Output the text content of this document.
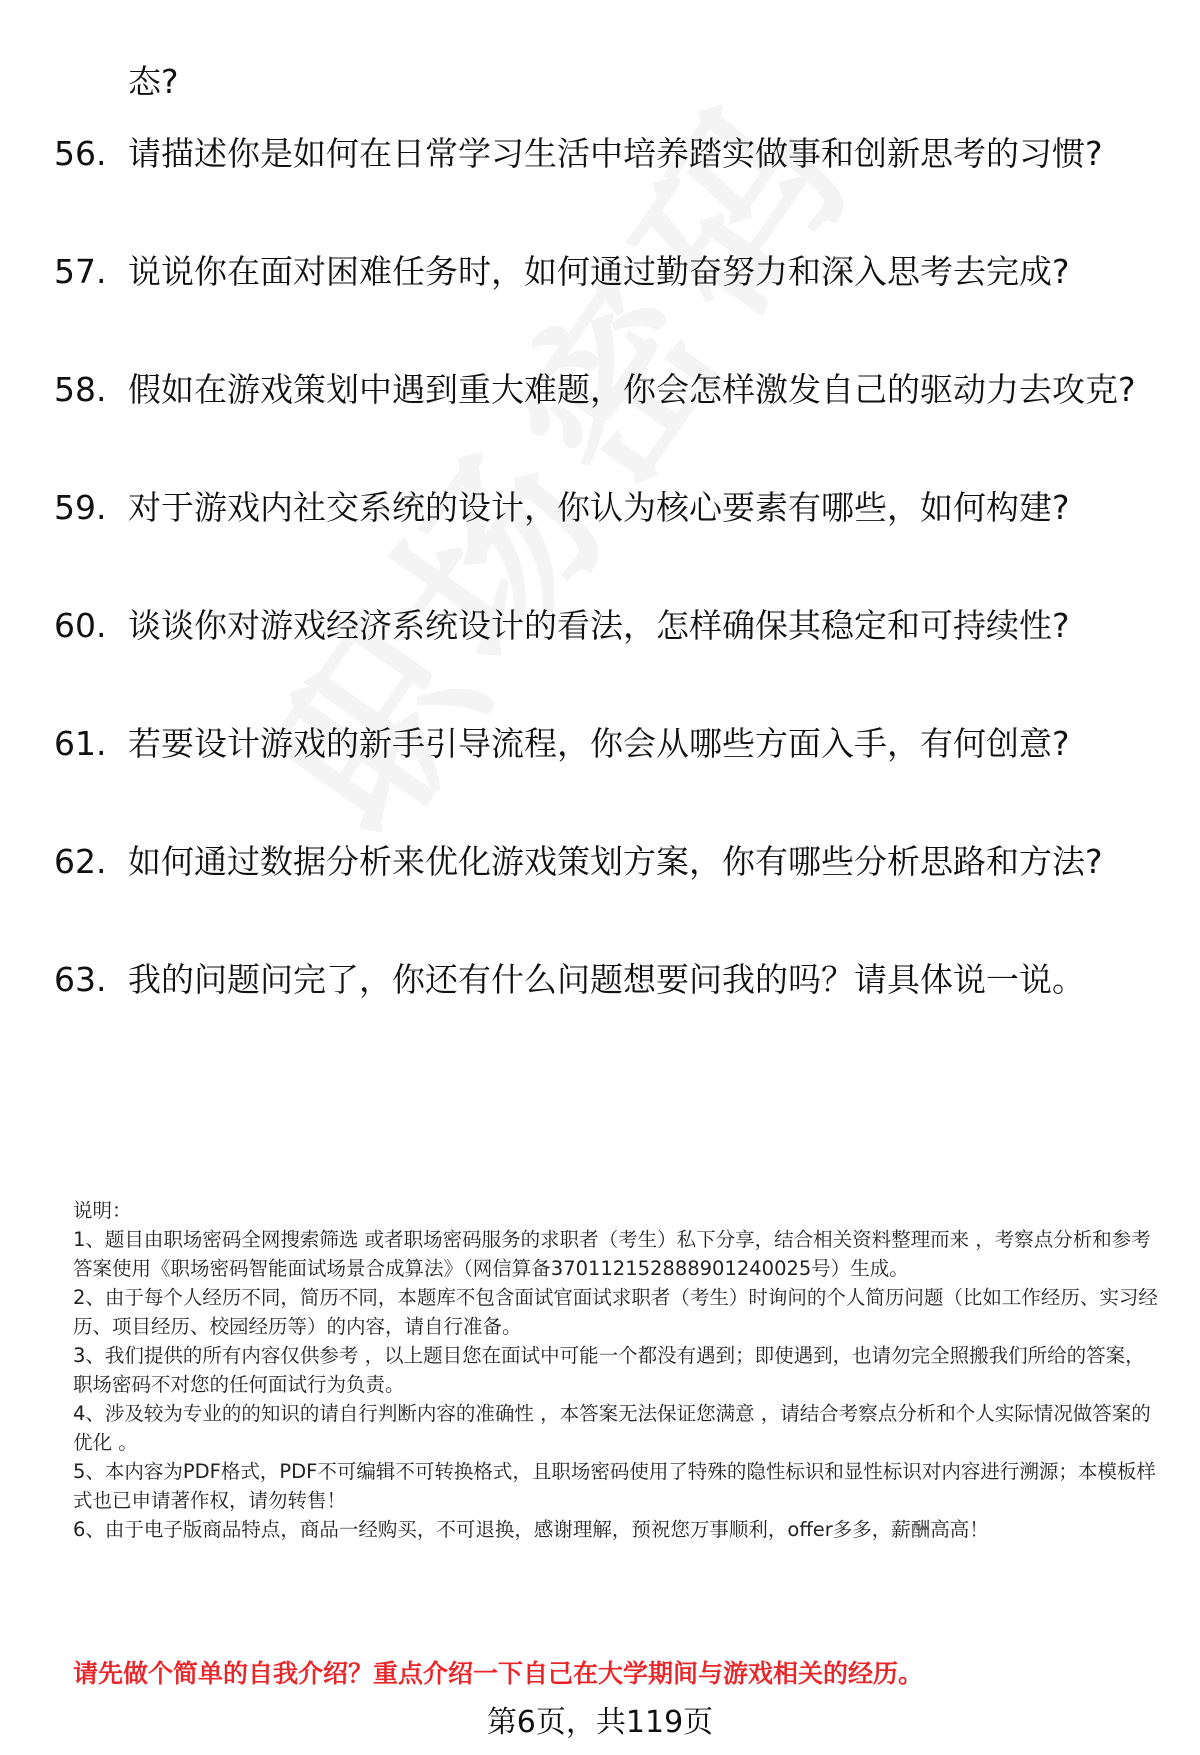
态?
56. 请描述你是如何在日常学习生活中培养踏实做事和创新思考的习惯?
57. 说说你在面对困难任务时，如何通过勤奋努力和深入思考去完成?
58. 假如在游戏策划中遇到重大难题，你会怎样激发自己的驱动力去攻克?
59. 对于游戏内社交系统的设计，你认为核心要素有哪些，如何构建?
60. 谈谈你对游戏经济系统设计的看法，怎样确保其稳定和可持续性?
61. 若要设计游戏的新手引导流程，你会从哪些方面入手，有何创意?
62. 如何通过数据分析来优化游戏策划方案，你有哪些分析思路和方法?
63. 我的问题问完了，你还有什么问题想要问我的吗？请具体说一说。

说明：

1、题目由职场密码全网搜索筛选 或者职场密码服务的求职者（考生）私下分享，结合相关资料整理而来 ，考察点分析和参考答案使用《职场密码智能面试场景合成算法》（网信算备370112152888901240025号）生成。

2、由于每个人经历不同，简历不同，本题库不包含面试官面试求职者（考生）时询问的个人简历问题（比如工作经历、实习经历、项目经历、校园经历等）的内容，请自行准备。

3、我们提供的所有内容仅供参考 ，以上题目您在面试中可能一个都没有遇到；即使遇到，也请勿完全照搬我们所给的答案，职场密码不对您的任何面试行为负责。

4、涉及较为专业的的知识的请自行判断内容的准确性 ，本答案无法保证您满意 ，请结合考察点分析和个人实际情况做答案的优化 。

5、本内容为PDF格式，PDF不可编辑不可转换格式，且职场密码使用了特殊的隐性标识和显性标识对内容进行溯源；本模板样式也已申请著作权，请勿转售！

6、由于电子版商品特点，商品一经购买，不可退换，感谢理解，预祝您万事顺利，offer多多，薪酬高高！

请先做个简单的自我介绍？重点介绍一下自己在大学期间与游戏相关的经历。
第6页，共119页
